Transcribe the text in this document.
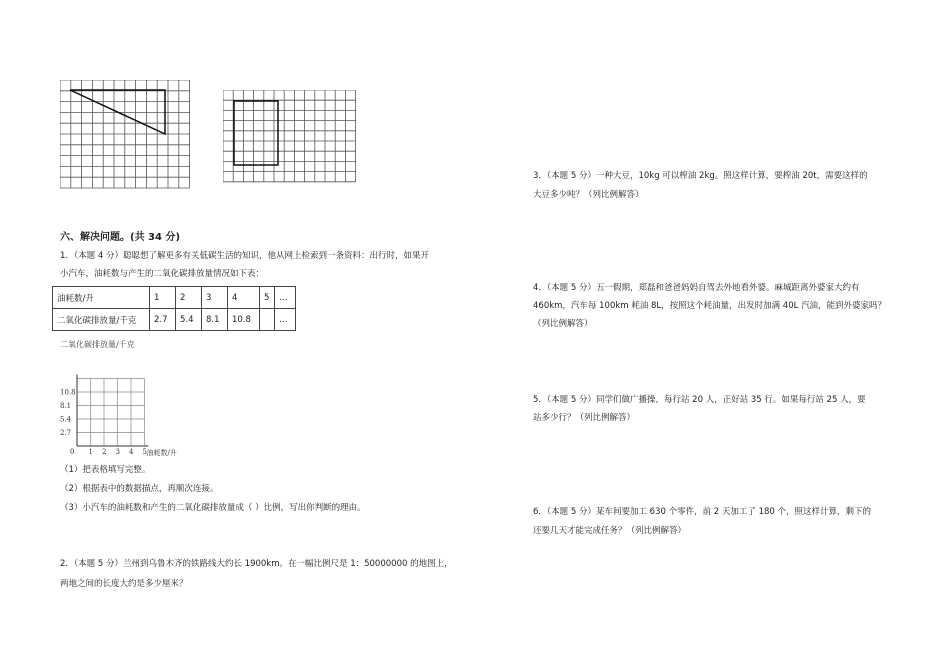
六、解决问题。(共 34 分)
1．（本题 4 分）聪聪想了解更多有关低碳生活的知识，他从网上检索到一条资料：出行时，如果开
小汽车，油耗数与产生的二氧化碳排放量情况如下表：
油耗数/升	1	2	3	4	5	…
二氧化碳排放量/千克	2.7	5.4	8.1	10.8		…
二氧化碳排放量/千克
0 1 2 3 4 5
2.7
5.4
8.1
10.8
油耗数/升
（1）把表格填写完整。
（2）根据表中的数据描点，再顺次连接。
（3）小汽车的油耗数和产生的二氧化碳排放量成（ ）比例，写出你判断的理由。
2．（本题 5 分）兰州到乌鲁木齐的铁路线大约长 1900km。在一幅比例尺是 1：50000000 的地图上，
两地之间的长度大约是多少厘米？
3．（本题 5 分）一种大豆，10kg 可以榨油 2kg。照这样计算，要榨油 20t，需要这样的
大豆多少吨？（列比例解答）
4．（本题 5 分）五一假期，郑磊和爸爸妈妈自驾去外地看外婆。麻城距离外婆家大约有
460km，汽车每 100km 耗油 8L，按照这个耗油量，出发时加满 40L 汽油，能到外婆家吗？
（列比例解答）
5．（本题 5 分）同学们做广播操，每行站 20 人，正好站 35 行。如果每行站 25 人，要
站多少行？（列比例解答）
6．（本题 5 分）某车间要加工 630 个零件，前 2 天加工了 180 个，照这样计算，剩下的
还要几天才能完成任务？（列比例解答）
